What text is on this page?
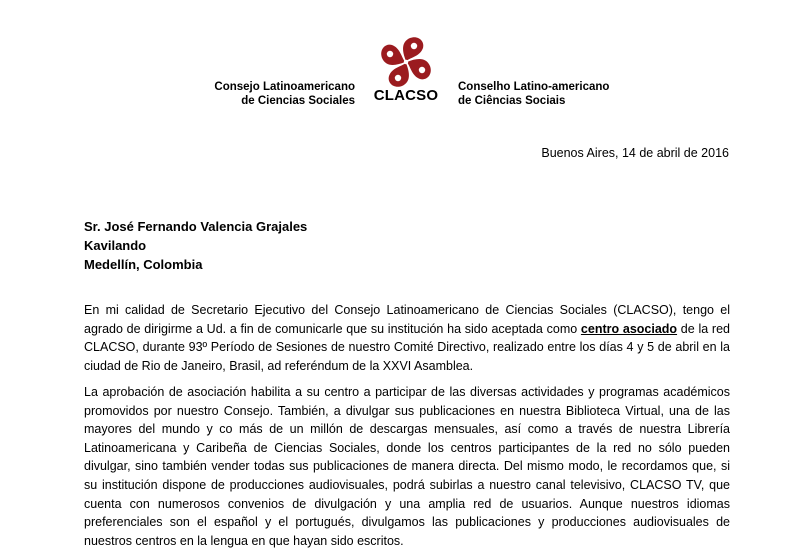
Consejo Latinoamericano
de Ciencias Sociales CLACSO Conselho Latino-americano
de Ciências Sociais
Buenos Aires, 14 de abril de 2016
Sr. José Fernando Valencia Grajales
Kavilando
Medellín, Colombia

En mi calidad de Secretario Ejecutivo del Consejo Latinoamericano de Ciencias Sociales (CLACSO), tengo el agrado de dirigirme a Ud. a fin de comunicarle que su institución ha sido aceptada como centro asociado de la red CLACSO, durante 93º Período de Sesiones de nuestro Comité Directivo, realizado entre los días 4 y 5 de abril en la ciudad de Rio de Janeiro, Brasil, ad referéndum de la XXVI Asamblea.

La aprobación de asociación habilita a su centro a participar de las diversas actividades y programas académicos promovidos por nuestro Consejo. También, a divulgar sus publicaciones en nuestra Biblioteca Virtual, una de las mayores del mundo y co más de un millón de descargas mensuales, así como a través de nuestra Librería Latinoamericana y Caribeña de Ciencias Sociales, donde los centros participantes de la red no sólo pueden divulgar, sino también vender todas sus publicaciones de manera directa. Del mismo modo, le recordamos que, si su institución dispone de producciones audiovisuales, podrá subirlas a nuestro canal televisivo, CLACSO TV, que cuenta con numerosos convenios de divulgación y una amplia red de usuarios. Aunque nuestros idiomas preferenciales son el español y el portugués, divulgamos las publicaciones y producciones audiovisuales de nuestros centros en la lengua en que hayan sido escritos.
